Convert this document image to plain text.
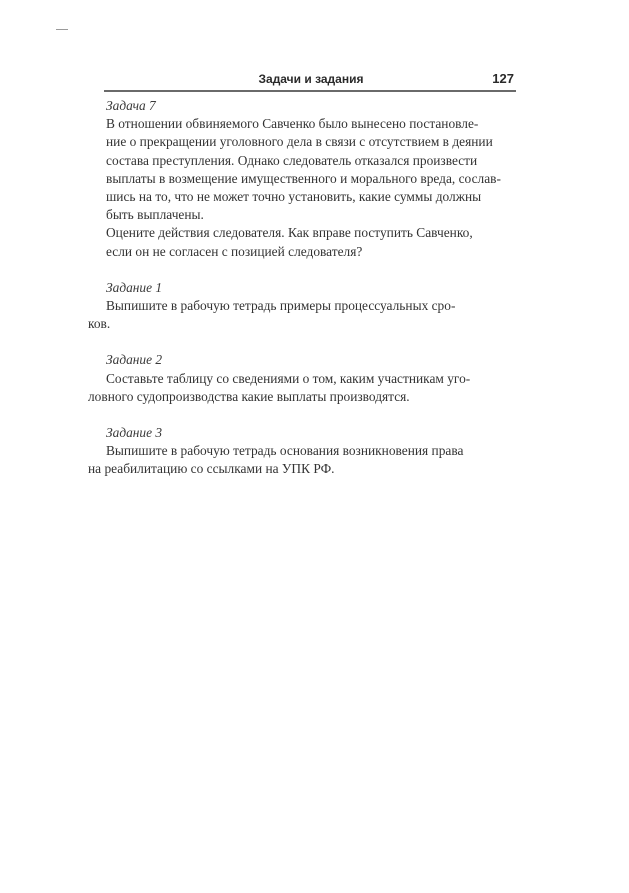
Задачи и задания	127

Задача 7

В отношении обвиняемого Савченко было вынесено постановле-
ние о прекращении уголовного дела в связи с отсутствием в деянии
состава преступления. Однако следователь отказался произвести
выплаты в возмещение имущественного и морального вреда, сослав-
шись на то, что не может точно установить, какие суммы должны
быть выплачены.

Оцените действия следователя. Как вправе поступить Савченко,
если он не согласен с позицией следователя?

Задание 1

Выпишите в рабочую тетрадь примеры процессуальных сро-
ков.

Задание 2

Составьте таблицу со сведениями о том, каким участникам уго-
ловного судопроизводства какие выплаты производятся.

Задание 3

Выпишите в рабочую тетрадь основания возникновения права
на реабилитацию со ссылками на УПК РФ.
